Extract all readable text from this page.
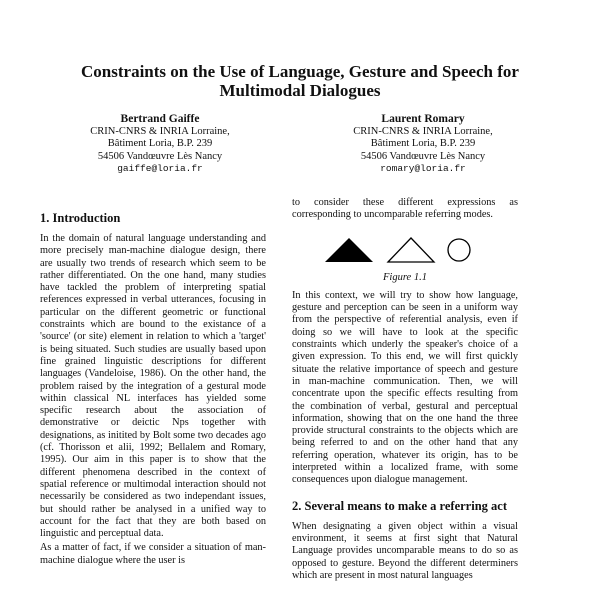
Constraints on the Use of Language, Gesture and Speech for Multimodal Dialogues
Bertrand Gaiffe
CRIN-CNRS & INRIA Lorraine,
Bâtiment Loria, B.P. 239
54506 Vandœuvre Lès Nancy
gaiffe@loria.fr
Laurent Romary
CRIN-CNRS & INRIA Lorraine,
Bâtiment Loria, B.P. 239
54506 Vandœuvre Lès Nancy
romary@loria.fr
1. Introduction

In the domain of natural language understanding and more precisely man-machine dialogue design, there are usually two trends of research which seem to be rather differentiated. On the one hand, many studies have tackled the problem of interpreting spatial references expressed in verbal utterances, focusing in particular on the different geometric or functional constraints which are bound to the existance of a 'source' (or site) element in relation to which a 'target' is being situated. Such studies are usually based upon fine grained linguistic descriptions for different languages (Vandeloise, 1986). On the other hand, the problem raised by the integration of a gestural mode within classical NL interfaces has yielded some specific research about the association of demonstrative or deictic Nps together with designations, as initited by Bolt some two decades ago (cf. Thorisson et alii, 1992; Bellalem and Romary, 1995). Our aim in this paper is to show that the different phenomena described in the context of spatial reference or multimodal interaction should not necessarily be considered as two independant issues, but should rather be analysed in a unified way to account for the fact that they are both based on linguistic and perceptual data.

As a matter of fact, if we consider a situation of man-machine dialogue where the user is

to consider these different expressions as corresponding to uncomparable referring modes.

Figure 1.1

In this context, we will try to show how language, gesture and perception can be seen in a uniform way from the perspective of referential analysis, even if doing so we will have to look at the specific constraints which underly the speaker's choice of a given expression. To this end, we will first quickly situate the relative importance of speech and gesture in man-machine communication. Then, we will concentrate upon the specific effects resulting from the combination of verbal, gestural and perceptual information, showing that on the one hand the three provide structural constraints to the objects which are being referred to and on the other hand that any referring operation, whatever its origin, has to be interpreted within a localized frame, with some consequences upon dialogue management.

2. Several means to make a referring act

When designating a given object within a visual environment, it seems at first sight that Natural Language provides uncomparable means to do so as opposed to gesture. Beyond the different determiners which are present in most natural languages
